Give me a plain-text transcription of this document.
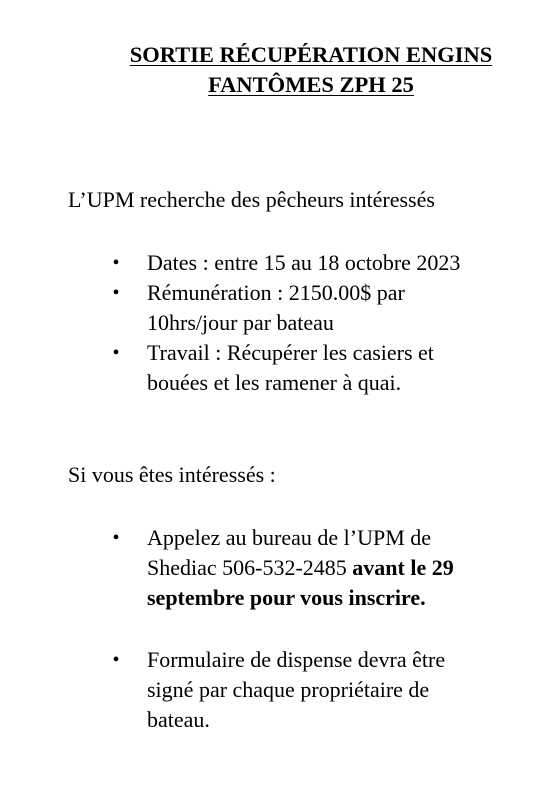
SORTIE RÉCUPÉRATION ENGINS
FANTÔMES ZPH 25
L’UPM recherche des pêcheurs intéressés
• Dates : entre 15 au 18 octobre 2023
• Rémunération : 2150.00$ par
10hrs/jour par bateau
• Travail : Récupérer les casiers et
bouées et les ramener à quai.
Si vous êtes intéressés :
• Appelez au bureau de l’UPM de
Shediac 506-532-2485 avant le 29
septembre pour vous inscrire.
• Formulaire de dispense devra être
signé par chaque propriétaire de
bateau.
